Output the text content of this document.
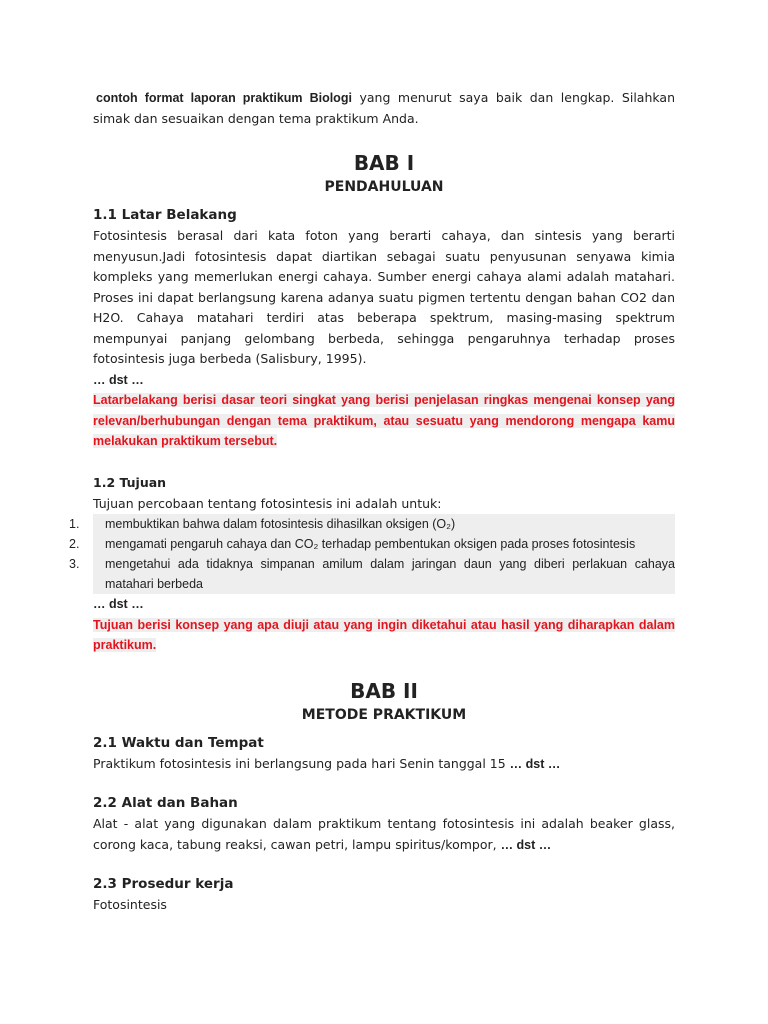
contoh format laporan praktikum Biologi yang menurut saya baik dan lengkap. Silahkan simak dan sesuaikan dengan tema praktikum Anda.

BAB I
PENDAHULUAN
1.1 Latar Belakang

Fotosintesis berasal dari kata foton yang berarti cahaya, dan sintesis yang berarti menyusun.Jadi fotosintesis dapat diartikan sebagai suatu penyusunan senyawa kimia kompleks yang memerlukan energi cahaya. Sumber energi cahaya alami adalah matahari. Proses ini dapat berlangsung karena adanya suatu pigmen tertentu dengan bahan CO2 dan H2O. Cahaya matahari terdiri atas beberapa spektrum, masing-masing spektrum mempunyai panjang gelombang berbeda, sehingga pengaruhnya terhadap proses fotosintesis juga berbeda (Salisbury, 1995).

… dst …

Latarbelakang berisi dasar teori singkat yang berisi penjelasan ringkas mengenai konsep yang relevan/berhubungan dengan tema praktikum, atau sesuatu yang mendorong mengapa kamu melakukan praktikum tersebut.

1.2 Tujuan

Tujuan percobaan tentang fotosintesis ini adalah untuk:

1.	membuktikan bahwa dalam fotosintesis dihasilkan oksigen (O₂)
2.	mengamati pengaruh cahaya dan CO₂ terhadap pembentukan oksigen pada proses fotosintesis
3.	mengetahui ada tidaknya simpanan amilum dalam jaringan daun yang diberi perlakuan cahaya matahari berbeda

… dst …

Tujuan berisi konsep yang apa diuji atau yang ingin diketahui atau hasil yang diharapkan dalam praktikum.

BAB II
METODE PRAKTIKUM
2.1 Waktu dan Tempat

Praktikum fotosintesis ini berlangsung pada hari Senin tanggal 15 … dst …

2.2 Alat dan Bahan

Alat - alat yang digunakan dalam praktikum tentang fotosintesis ini adalah beaker glass, corong kaca, tabung reaksi, cawan petri, lampu spiritus/kompor, … dst …

2.3 Prosedur kerja

Fotosintesis
